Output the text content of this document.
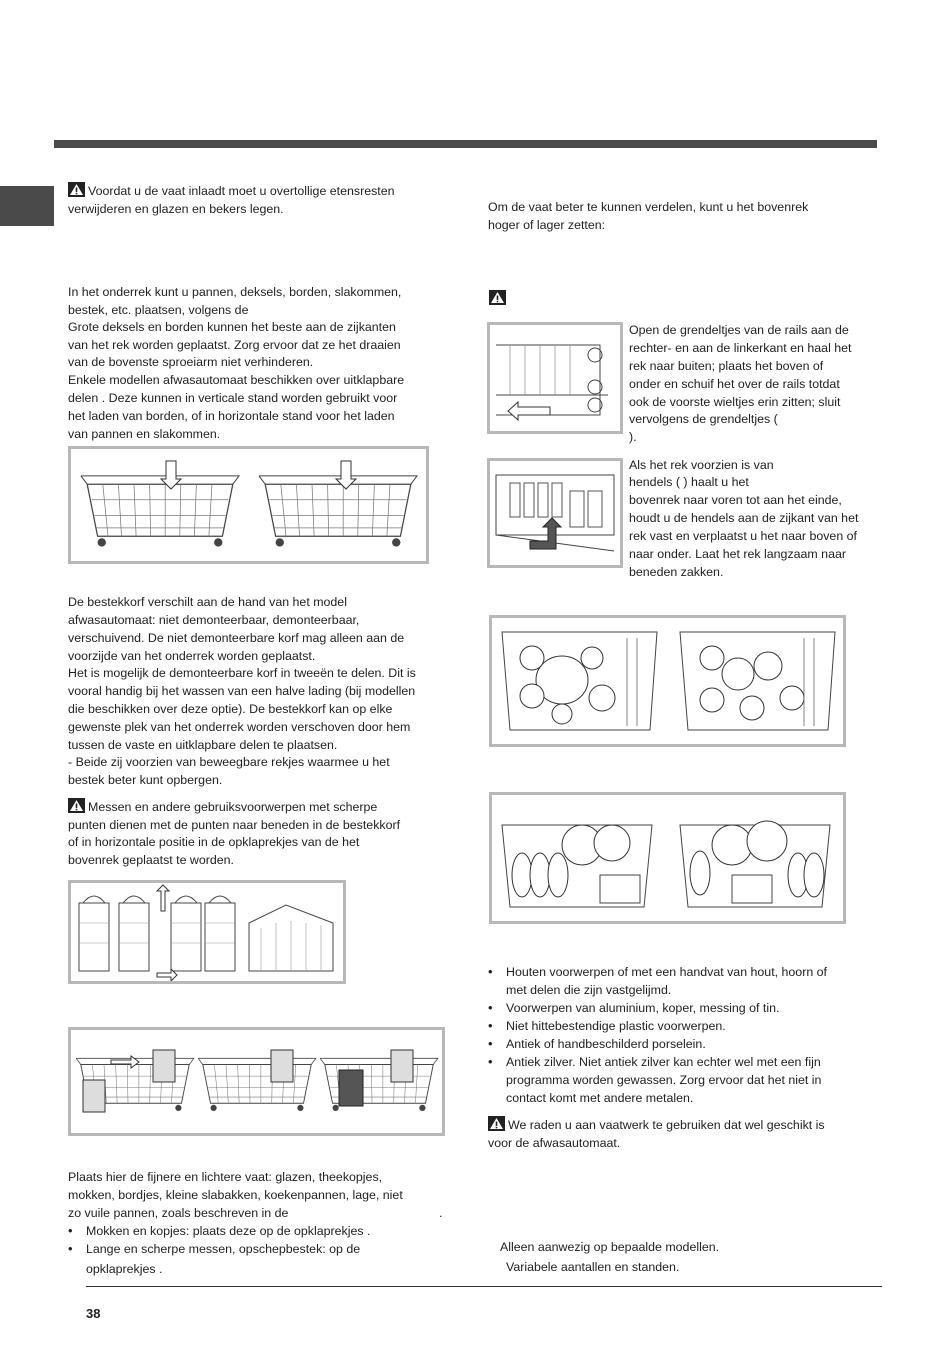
Voordat u de vaat inlaadt moet u overtollige etensresten
verwijderen en glazen en bekers legen.
In het onderrek kunt u pannen, deksels, borden, slakommen,
bestek, etc. plaatsen, volgens de
Grote deksels en borden kunnen het beste aan de zijkanten
van het rek worden geplaatst. Zorg ervoor dat ze het draaien
van de bovenste sproeiarm niet verhinderen.
Enkele modellen afwasautomaat beschikken over uitklapbare
delen . Deze kunnen in verticale stand worden gebruikt voor
het laden van borden, of in horizontale stand voor het laden
van pannen en slakommen.
De bestekkorf verschilt aan de hand van het model
afwasautomaat: niet demonteerbaar, demonteerbaar,
verschuivend. De niet demonteerbare korf mag alleen aan de
voorzijde van het onderrek worden geplaatst.
Het is mogelijk de demonteerbare korf in tweeën te delen. Dit is
vooral handig bij het wassen van een halve lading (bij modellen
die beschikken over deze optie). De bestekkorf kan op elke
gewenste plek van het onderrek worden verschoven door hem
tussen de vaste en uitklapbare delen te plaatsen.
- Beide zij voorzien van beweegbare rekjes waarmee u het
bestek beter kunt opbergen.
Messen en andere gebruiksvoorwerpen met scherpe
punten dienen met de punten naar beneden in de bestekkorf
of in horizontale positie in de opklaprekjes van de het
bovenrek geplaatst te worden.
Plaats hier de fijnere en lichtere vaat: glazen, theekopjes,
mokken, bordjes, kleine slabakken, koekenpannen, lage, niet
zo vuile pannen, zoals beschreven in de	.
• Mokken en kopjes: plaats deze op de opklaprekjes .
• Lange en scherpe messen, opschepbestek: op de
opklaprekjes .
Om de vaat beter te kunnen verdelen, kunt u het bovenrek
hoger of lager zetten:
Open de grendeltjes van de rails aan de
rechter- en aan de linkerkant en haal het
rek naar buiten; plaats het boven of
onder en schuif het over de rails totdat
ook de voorste wieltjes erin zitten; sluit
vervolgens de grendeltjes (
).
Als het rek voorzien is van
hendels ( ) haalt u het
bovenrek naar voren tot aan het einde,
houdt u de hendels aan de zijkant van het
rek vast en verplaatst u het naar boven of
naar onder. Laat het rek langzaam naar
beneden zakken.
• Houten voorwerpen of met een handvat van hout, hoorn of
met delen die zijn vastgelijmd.
• Voorwerpen van aluminium, koper, messing of tin.
• Niet hittebestendige plastic voorwerpen.
• Antiek of handbeschilderd porselein.
• Antiek zilver. Niet antiek zilver kan echter wel met een fijn
programma worden gewassen. Zorg ervoor dat het niet in
contact komt met andere metalen.
We raden u aan vaatwerk te gebruiken dat wel geschikt is
voor de afwasautomaat.
Alleen aanwezig op bepaalde modellen.
Variabele aantallen en standen.
38
